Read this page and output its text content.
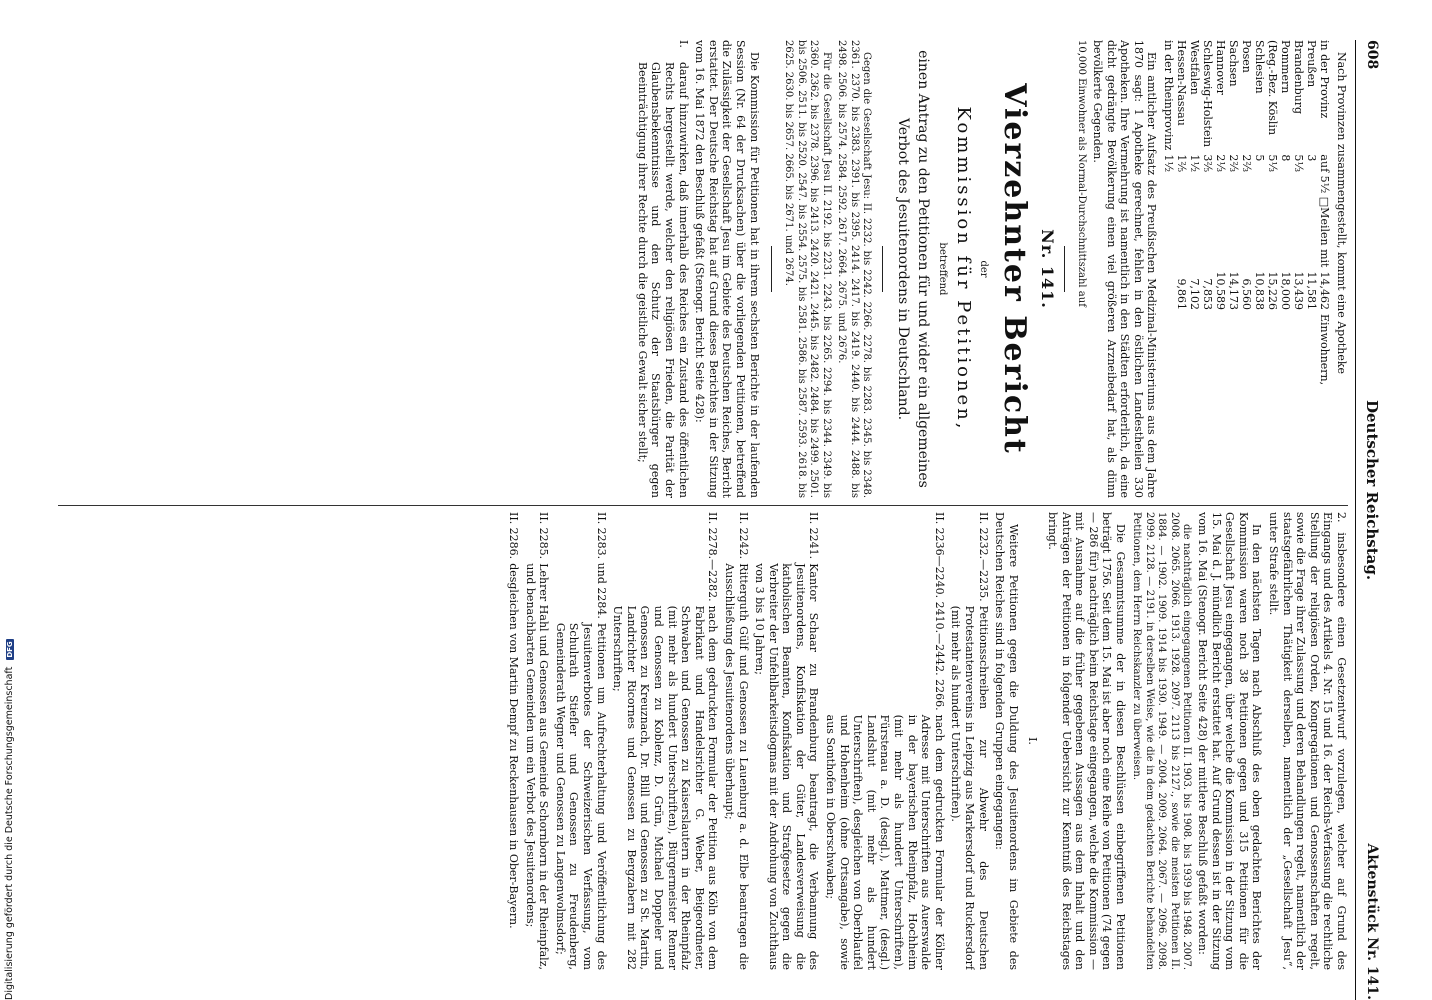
608
Deutscher Reichstag.
Aktenstück Nr. 141.

Nach Provinzen zusammengestellt, kommt eine Apotheke

in der Provinz	auf 5¹⁄₂ □Meilen mit	14,462	Einwohnern,
Preußen	3	11,581	
Brandenburg	5¹⁄₃	13,439	
Pommern	8	18,000	
(Reg.-Bez. Köslin	5¹⁄₃	15,226	
Schlesien	5	10,838	
Posen	2²⁄₃	6,560	
Sachsen	2²⁄₃	14,173	
Hannover	2¹⁄₃	10,589	
Schleswig-Holstein	3²⁄₅	7,853	
Westfalen	1¹⁄₂	7,102	
Hessen-Nassau	1²⁄₅	9,861	
in der Rheinprovinz	1¹⁄₂		

Ein amtlicher Aufsatz des Preußischen Medizinal-Ministeriums aus dem Jahre 1870 sagt: 1 Apotheke gerechnet, fehlen in den östlichen Landestheilen 330 Apotheken. Ihre Vermehrung ist namentlich in den Städten erforderlich, da eine dicht gedrängte Bevölkerung einen viel größeren Arzneibedarf hat, als dünn bevölkerte Gegenden.

10,000 Einwohner als Normal-Durchschnittszahl auf

Nr. 141.
Vierzehnter Bericht
der
Kommission für Petitionen,
betreffend
einen Antrag zu den Petitionen für und wider ein allgemeines Verbot des Jesuitenordens in Deutschland.

Gegen die Gesellschaft Jesu: II. 2232. bis 2242. 2266. 2278. bis 2283. 2345. bis 2348. 2361. 2370. bis 2383. 2391. bis 2395. 2414. 2417. bis 2419. 2440. bis 2444. 2488. bis 2498. 2506. bis 2574. 2584. 2592. 2617. 2664. 2675. und 2676.

Für die Gesellschaft Jesu II. 2192. bis 2231. 2243. bis 2265. 2294. bis 2344. 2349. bis 2360. 2362. bis 2378. 2396. bis 2413. 2420. 2421. 2445. bis 2482. 2484. bis 2499. 2501. bis 2506. 2511. bis 2520. 2547. bis 2554. 2575. bis 2581. 2586. bis 2587. 2593. 2618. bis 2625. 2630. bis 2657. 2665. bis 2671. und 2674.

Die Kommission für Petitionen hat in ihrem sechsten Berichte in der laufenden Session (Nr. 64 der Drucksachen) über die vorliegenden Petitionen, betreffend die Zulässigkeit der Gesellschaft Jesu im Gebiete des Deutschen Reiches, Bericht erstattet. Der Deutsche Reichstag hat auf Grund dieses Berichtes in der Sitzung vom 16. Mai 1872 den Beschluß gefaßt (Stenogr. Bericht Seite 428):

I.
darauf hinzuwirken, daß innerhalb des Reiches ein Zustand des öffentlichen Rechts hergestellt werde, welcher den religiösen Frieden, die Parität der Glaubensbekenntnisse und den Schutz der Staatsbürger gegen Beeinträchtigung ihrer Rechte durch die geistliche Gewalt sicher stellt;

2. insbesondere einen Gesetzentwurf vorzulegen, welcher auf Grund des Eingangs und des Artikels 4. Nr. 15 und 16. der Reichs-Verfassung die rechtliche Stellung der religiösen Orden, Kongregationen und Genossenschaften regelt, sowie die Frage ihrer Zulassung und deren Behandlungen regelt, namentlich der staatsgefährlichen Thätigkeit derselben, namentlich der „Gesellschaft Jesu“, unter Strafe stellt.

In den nächsten Tagen nach Abschluß des oben gedachten Berichtes der Kommission waren noch 38 Petitionen gegen und 315 Petitionen für die Gesellschaft Jesu eingegangen, über welche die Kommission in der Sitzung vom 15. Mai d. J. mündlich Bericht erstattet hat. Auf Grund dessen ist in der Sitzung vom 16. Mai (Stenogr. Bericht Seite 428) der mittlere Beschluß gefaßt worden:

die nachträglich eingegangenen Petitionen II. 1903. bis 1908. bis 1939 bis 1948. 2007. 2008. 2065. 2066. 1913. 1928. 2097. 2113 bis 2127., sowie die meisten Petitionen II. 1884. — 1902. 1909. 1914 bis 1930. 1949. — 2004. 2009. 2064. 2067. — 2096. 2098. 2099. 2128. — 2191. in derselben Weise, wie die in dem gedachten Berichte behandelten Petitionen, dem Herrn Reichskanzler zu überweisen.

Die Gesammtsumme der in diesen Beschlüssen einbegriffenen Petitionen beträgt 1756. Seit dem 15. Mai ist aber noch eine Reihe von Petitionen (74 gegen — 286 für) nachträglich beim Reichstage eingegangen, welche die Kommission — mit Ausnahme auf die früher gegebenen Aussagen aus dem Inhalt und den Anträgen der Petitionen in folgender Uebersicht zur Kenntniß des Reichstages bringt.

I.

Weitere Petitionen gegen die Duldung des Jesuitenordens im Gebiete des Deutschen Reiches sind in folgenden Gruppen eingegangen:

II. 2232.—2235.
Petitionsschreiben zur Abwehr des Deutschen Protestantenvereins in Leipzig aus Markersdorf und Ruckersdorf (mit mehr als hundert Unterschriften).
II. 2236—2240. 2410.—2442. 2266.
nach dem gedruckten Formular der Kölner Adresse mit Unterschriften aus Auerswalde in der bayerischen Rheinpfalz, Hochheim (mit mehr als hundert Unterschriften), Fürstenau a. D. (desgl.), Mattmer, (desgl.) Landshut (mit mehr als hundert Unterschriften), desgleichen von Oberblaufel und Hohenheim (ohne Ortsangabe), sowie aus Sonthofen in Oberschwaben;
II. 2241.
Kantor Schaar zu Brandenburg beantragt, die Verbannung des Jesuitenordens, Konfiskation der Güter, Landesverweisung die katholischen Beamten, Konfiskation und Strafgesetze gegen die Verbreiter der Unfehlbarkeitsdogmas mit der Androhung von Zuchthaus von 3 bis 10 Jahren;
II. 2242.
Ritterguth Gülf und Genossen zu Lauenburg a. d. Elbe beantragen die Ausschließung des Jesuitenordens überhaupt;
II. 2278.—2282.
nach dem gedruckten Formular der Petition aus Köln von dem Fabrikant und Handelsrichter G. Weber, Beigeordneter, Schwaben und Genossen zu Kaiserslautern in der Rheinpfalz (mit mehr als hundert Unterschriften), Bürgermeister Renner und Genossen zu Koblenz, D. Grün, Michael Doppeler und Genossen zu Kreuznach, Dr. Blill und Genossen zu St. Martin, Landrichter Ricornes und Genossen zu Bergzabern mit 282 Unterschriften;
II. 2283. und 2284.
Petitionen um Aufrechterhaltung und Veröffentlichung des Jesuitenverbotes der Schweizerischen Verfassung, vom Schulrath Stiefler und Genossen zu Freudenberg, Gemeinderath Wegner und Genossen zu Langenwolmsdorf;
II. 2285.
Lehrer Hahl und Genossen aus Gemeinde Schornborn in der Rheinpfalz, und benachbarten Gemeinden um ein Verbot des Jesuitenordens;
II. 2286.
desgleichen von Martin Dempf zu Reckenhausen in Ober-Bayern.
Digitalisierung gefördert durch die Deutsche Forschungsgemeinschaft DFG
